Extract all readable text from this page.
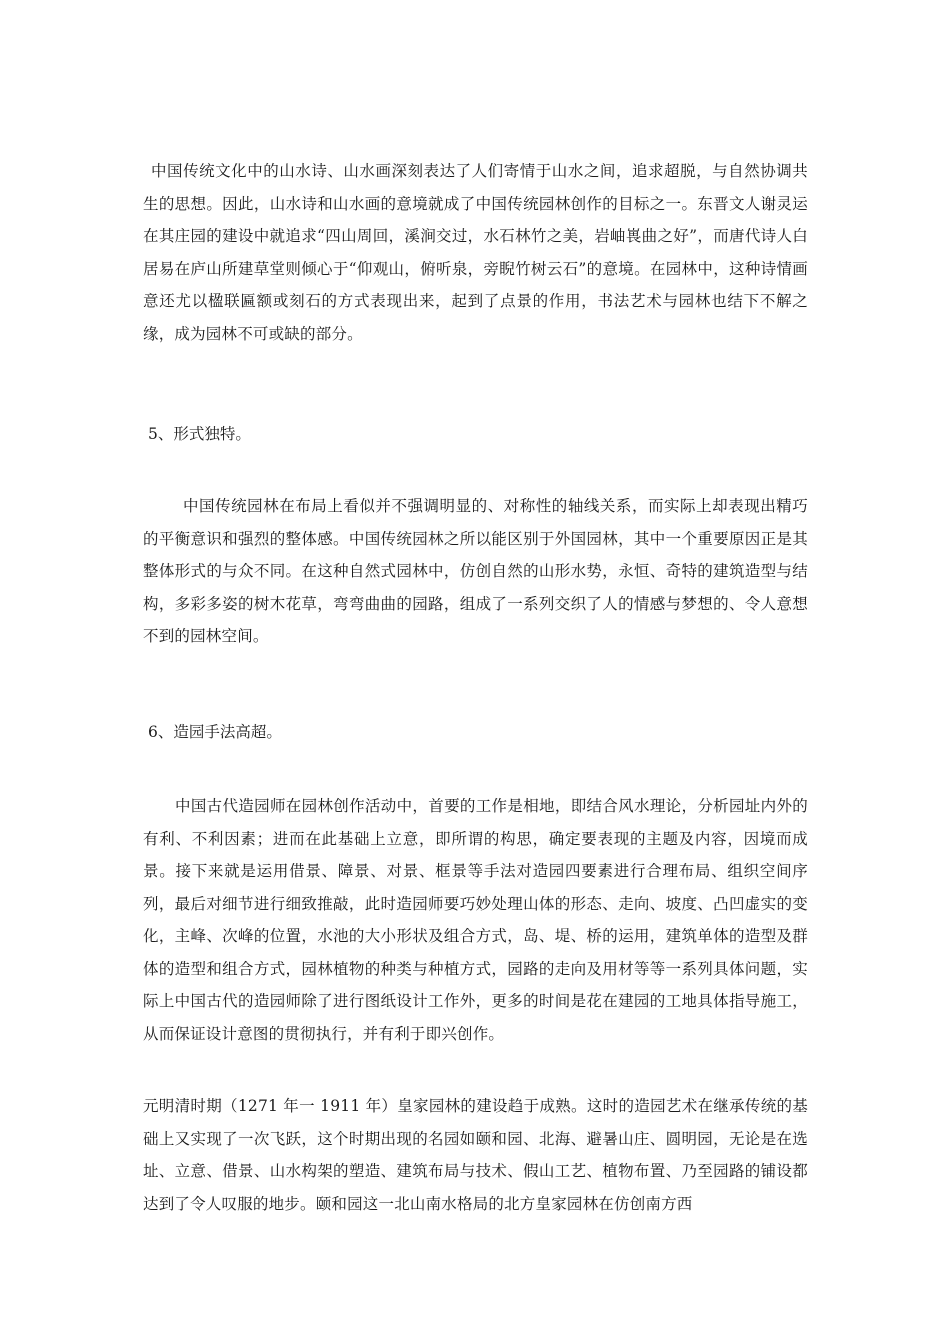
中国传统文化中的山水诗、山水画深刻表达了人们寄情于山水之间，追求超脱，与自然协调共生的思想。因此，山水诗和山水画的意境就成了中国传统园林创作的目标之一。东晋文人谢灵运在其庄园的建设中就追求“四山周回，溪涧交过，水石林竹之美，岩岫嵔曲之好”，而唐代诗人白居易在庐山所建草堂则倾心于“仰观山，俯听泉，旁睨竹树云石”的意境。在园林中，这种诗情画意还尤以楹联匾额或刻石的方式表现出来，起到了点景的作用，书法艺术与园林也结下不解之缘，成为园林不可或缺的部分。

5、形式独特。

中国传统园林在布局上看似并不强调明显的、对称性的轴线关系，而实际上却表现出精巧的平衡意识和强烈的整体感。中国传统园林之所以能区别于外国园林，其中一个重要原因正是其整体形式的与众不同。在这种自然式园林中，仿创自然的山形水势，永恒、奇特的建筑造型与结构，多彩多姿的树木花草，弯弯曲曲的园路，组成了一系列交织了人的情感与梦想的、令人意想不到的园林空间。

6、造园手法高超。

中国古代造园师在园林创作活动中，首要的工作是相地，即结合风水理论，分析园址内外的有利、不利因素；进而在此基础上立意，即所谓的构思，确定要表现的主题及内容，因境而成景。接下来就是运用借景、障景、对景、框景等手法对造园四要素进行合理布局、组织空间序列，最后对细节进行细致推敲，此时造园师要巧妙处理山体的形态、走向、坡度、凸凹虚实的变化，主峰、次峰的位置，水池的大小形状及组合方式，岛、堤、桥的运用，建筑单体的造型及群体的造型和组合方式，园林植物的种类与种植方式，园路的走向及用材等等一系列具体问题，实际上中国古代的造园师除了进行图纸设计工作外，更多的时间是花在建园的工地具体指导施工，从而保证设计意图的贯彻执行，并有利于即兴创作。

元明清时期（1271 年一 1911 年）皇家园林的建设趋于成熟。这时的造园艺术在继承传统的基础上又实现了一次飞跃，这个时期出现的名园如颐和园、北海、避暑山庄、圆明园，无论是在选址、立意、借景、山水构架的塑造、建筑布局与技术、假山工艺、植物布置、乃至园路的铺设都达到了令人叹服的地步。颐和园这一北山南水格局的北方皇家园林在仿创南方西
